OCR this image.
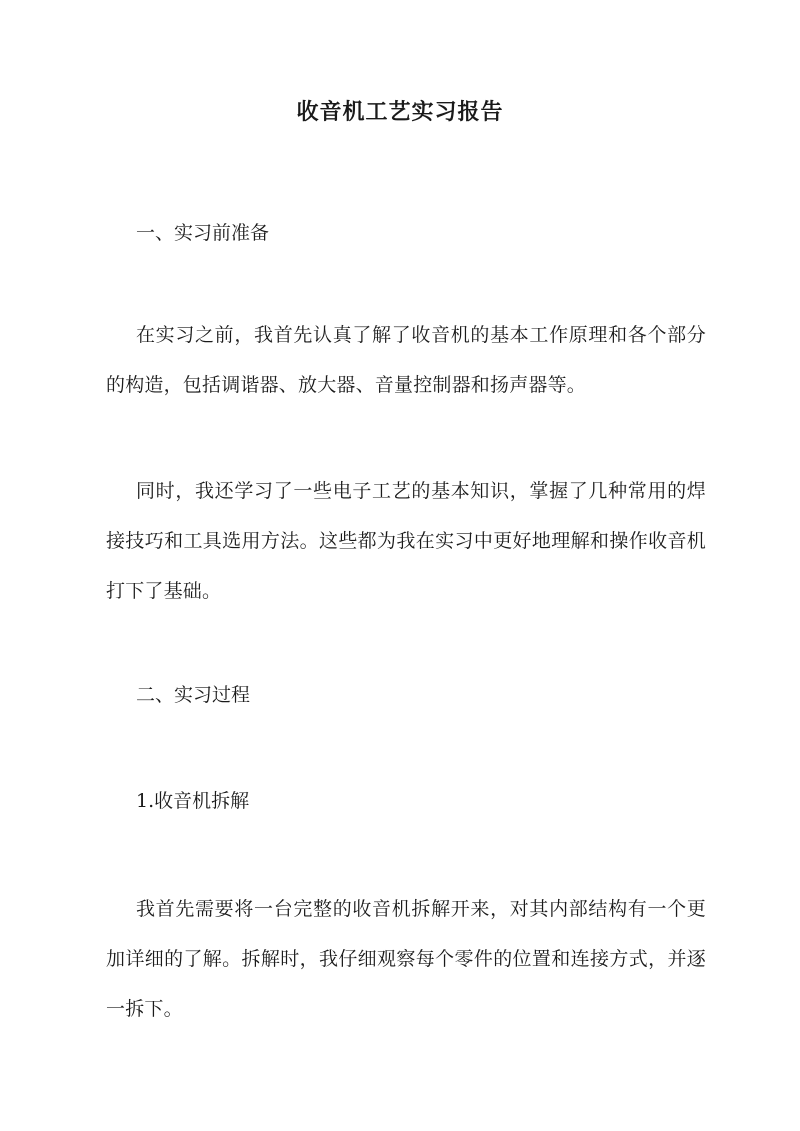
收音机工艺实习报告
一、实习前准备

在实习之前，我首先认真了解了收音机的基本工作原理和各个部分的构造，包括调谐器、放大器、音量控制器和扬声器等。

同时，我还学习了一些电子工艺的基本知识，掌握了几种常用的焊接技巧和工具选用方法。这些都为我在实习中更好地理解和操作收音机打下了基础。

二、实习过程
1.收音机拆解

我首先需要将一台完整的收音机拆解开来，对其内部结构有一个更加详细的了解。拆解时，我仔细观察每个零件的位置和连接方式，并逐一拆下。
